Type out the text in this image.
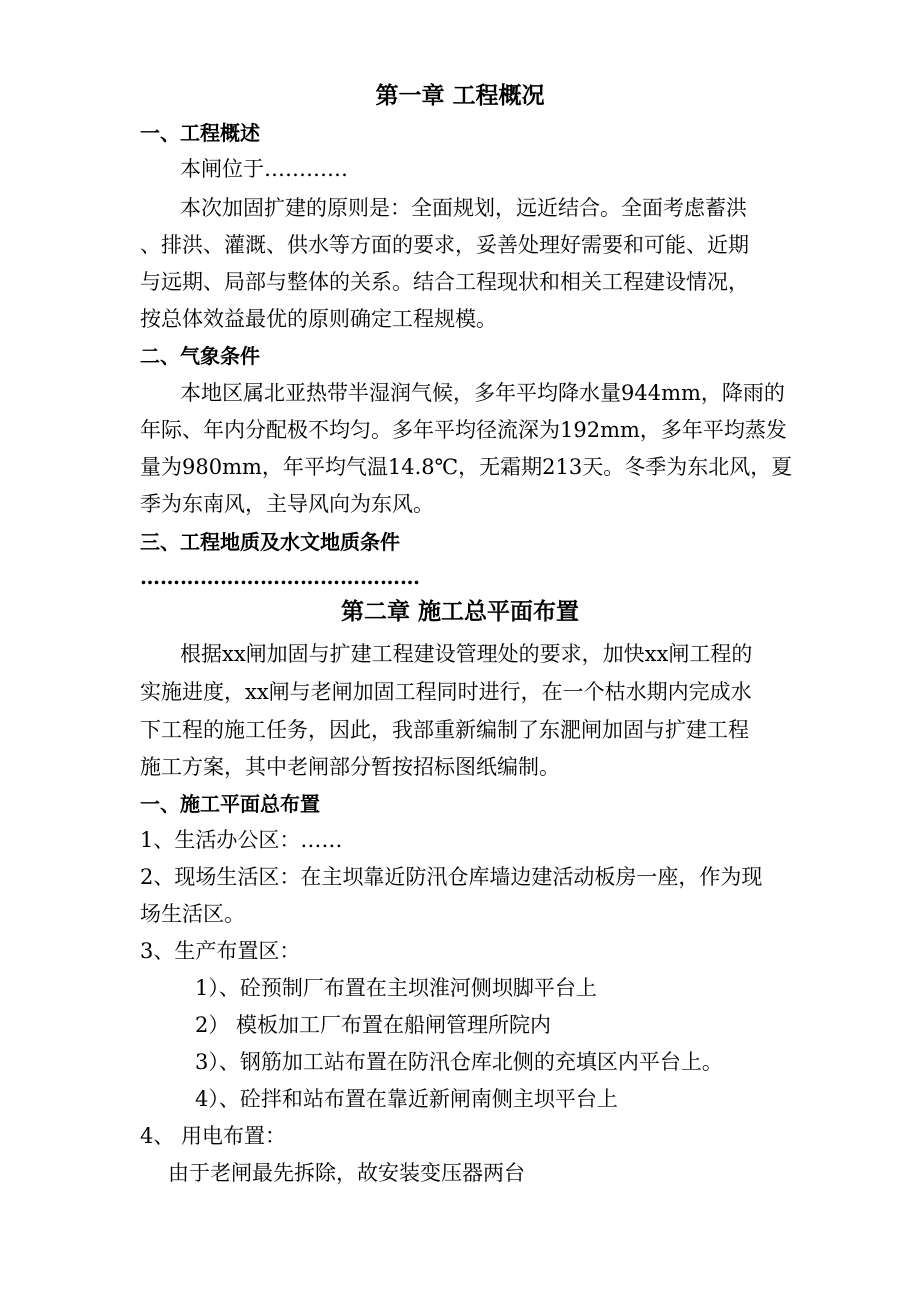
第一章 工程概况
一、工程概述
本闸位于…………
本次加固扩建的原则是：全面规划，远近结合。全面考虑蓄洪
、排洪、灌溉、供水等方面的要求，妥善处理好需要和可能、近期
与远期、局部与整体的关系。结合工程现状和相关工程建设情况，
按总体效益最优的原则确定工程规模。
二、气象条件
本地区属北亚热带半湿润气候，多年平均降水量944mm，降雨的
年际、年内分配极不均匀。多年平均径流深为192mm，多年平均蒸发
量为980mm，年平均气温14.8℃，无霜期213天。冬季为东北风，夏
季为东南风，主导风向为东风。
三、工程地质及水文地质条件
……………………………………
第二章 施工总平面布置
根据xx闸加固与扩建工程建设管理处的要求，加快xx闸工程的
实施进度，xx闸与老闸加固工程同时进行，在一个枯水期内完成水
下工程的施工任务，因此，我部重新编制了东淝闸加固与扩建工程
施工方案，其中老闸部分暂按招标图纸编制。
一、施工平面总布置
1、生活办公区：……
2、现场生活区：在主坝靠近防汛仓库墙边建活动板房一座，作为现
场生活区。
3、生产布置区：
1）、砼预制厂布置在主坝淮河侧坝脚平台上
2） 模板加工厂布置在船闸管理所院内
3）、钢筋加工站布置在防汛仓库北侧的充填区内平台上。
4）、砼拌和站布置在靠近新闸南侧主坝平台上
4、 用电布置：
由于老闸最先拆除，故安装变压器两台
